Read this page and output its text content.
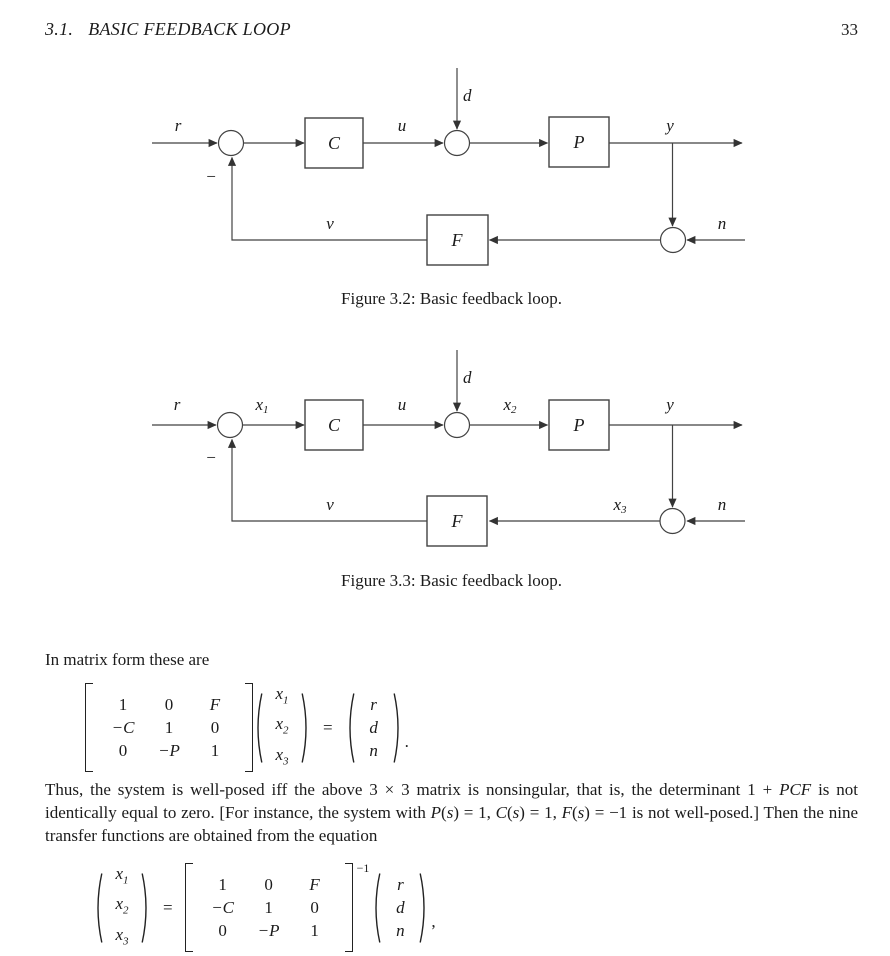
3.1. BASIC FEEDBACK LOOP	33
r
−
C
u
d
P
y
n
F
v
Figure 3.2: Basic feedback loop.
r
−
x1
C
u
d
x2
P
y
n
x3
F
v
Figure 3.3: Basic feedback loop.
In matrix form these are
1	0	F
−C	1	0
0	−P	1
$x_1$
$x_2$
$x_3$
=
r
d
n	.

Thus, the system is well-posed iff the above 3 × 3 matrix is nonsingular, that is, the determinant 1 + PCF is not identically equal to zero. [For instance, the system with P(s) = 1, C(s) = 1, F(s) = −1 is not well-posed.] Then the nine transfer functions are obtained from the equation

$x_1$
$x_2$
$x_3$
=
1	0	F
−C	1	0
0	−P	1
−1
r
d
n	,
